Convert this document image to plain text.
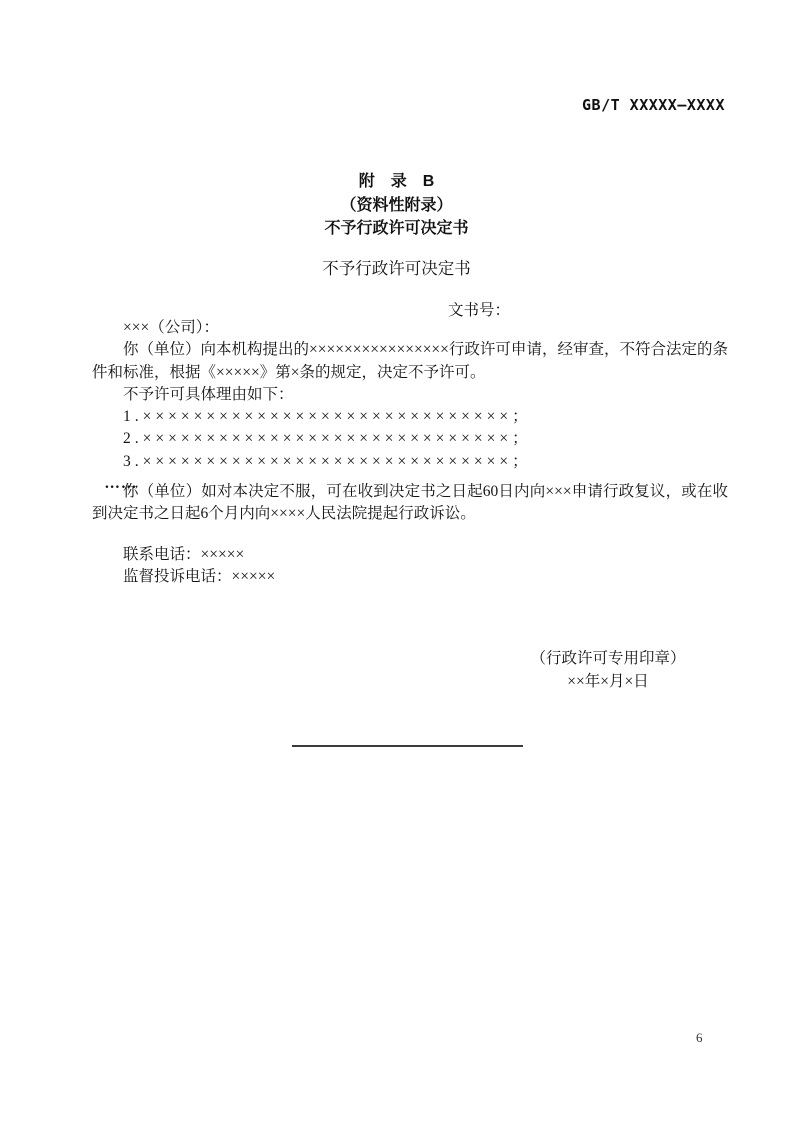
GB/T XXXXX—XXXX
附　录　B
（资料性附录）
不予行政许可决定书
不予行政许可决定书
文书号：

×××（公司）：

你（单位）向本机构提出的××××××××××××××××行政许可申请，经审查，不符合法定的条件和标准，根据《×××××》第×条的规定，决定不予许可。

不予许可具体理由如下：

1.×××××××××××××××××××××××××××××；

2.×××××××××××××××××××××××××××××；

3.×××××××××××××××××××××××××××××；

……

你（单位）如对本决定不服，可在收到决定书之日起60日内向×××申请行政复议，或在收到决定书之日起6个月内向××××人民法院提起行政诉讼。

联系电话：×××××

监督投诉电话：×××××

（行政许可专用印章）
××年×月×日
6
